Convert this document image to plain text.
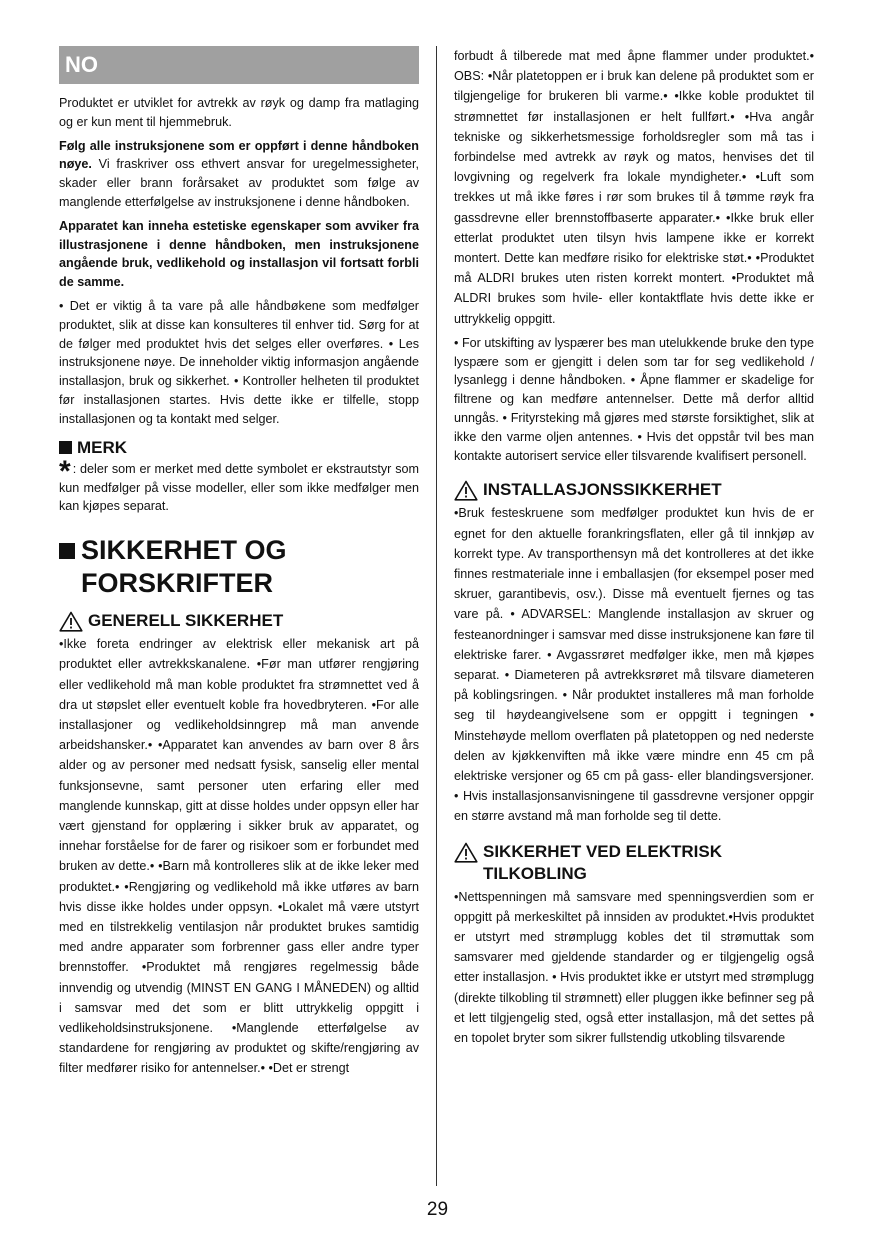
NO

Produktet er utviklet for avtrekk av røyk og damp fra matlaging og er kun ment til hjemmebruk.

Følg alle instruksjonene som er oppført i denne håndboken nøye. Vi fraskriver oss ethvert ansvar for uregelmessigheter, skader eller brann forårsaket av produktet som følge av manglende etterfølgelse av instruksjonene i denne håndboken.

Apparatet kan inneha estetiske egenskaper som avviker fra illustrasjonene i denne håndboken, men instruksjonene angående bruk, vedlikehold og installasjon vil fortsatt forbli de samme.

• Det er viktig å ta vare på alle håndbøkene som medfølger produktet, slik at disse kan konsulteres til enhver tid. Sørg for at de følger med produktet hvis det selges eller overføres. • Les instruksjonene nøye. De inneholder viktig informasjon angående installasjon, bruk og sikkerhet. • Kontroller helheten til produktet før installasjonen startes. Hvis dette ikke er tilfelle, stopp installasjonen og ta kontakt med selger.

MERK

* : deler som er merket med dette symbolet er ekstrautstyr som kun medfølger på visse modeller, eller som ikke medfølger men kan kjøpes separat.

SIKKERHET OG FORSKRIFTER
GENERELL SIKKERHET

•Ikke foreta endringer av elektrisk eller mekanisk art på produktet eller avtrekkskanalene. •Før man utfører rengjøring eller vedlikehold må man koble produktet fra strømnettet ved å dra ut støpslet eller eventuelt koble fra hovedbryteren. •For alle installasjoner og vedlikeholdsinngrep må man anvende arbeidshansker.• •Apparatet kan anvendes av barn over 8 års alder og av personer med nedsatt fysisk, sanselig eller mental funksjonsevne, samt personer uten erfaring eller med manglende kunnskap, gitt at disse holdes under oppsyn eller har vært gjenstand for opplæring i sikker bruk av apparatet, og innehar forståelse for de farer og risikoer som er forbundet med bruken av dette.• •Barn må kontrolleres slik at de ikke leker med produktet.• •Rengjøring og vedlikehold må ikke utføres av barn hvis disse ikke holdes under oppsyn. •Lokalet må være utstyrt med en tilstrekkelig ventilasjon når produktet brukes samtidig med andre apparater som forbrenner gass eller andre typer brennstoffer. •Produktet må rengjøres regelmessig både innvendig og utvendig (MINST EN GANG I MÅNEDEN) og alltid i samsvar med det som er blitt uttrykkelig oppgitt i vedlikeholdsinstruksjonene. •Manglende etterfølgelse av standardene for rengjøring av produktet og skifte/rengjøring av filter medfører risiko for antennelser.• •Det er strengt

forbudt å tilberede mat med åpne flammer under produktet.• OBS: •Når platetoppen er i bruk kan delene på produktet som er tilgjengelige for brukeren bli varme.• •Ikke koble produktet til strømnettet før installasjonen er helt fullført.• •Hva angår tekniske og sikkerhetsmessige forholdsregler som må tas i forbindelse med avtrekk av røyk og matos, henvises det til lovgivning og regelverk fra lokale myndigheter.• •Luft som trekkes ut må ikke føres i rør som brukes til å tømme røyk fra gassdrevne eller brennstoffbaserte apparater.• •Ikke bruk eller etterlat produktet uten tilsyn hvis lampene ikke er korrekt montert. Dette kan medføre risiko for elektriske støt.• •Produktet må ALDRI brukes uten risten korrekt montert. •Produktet må ALDRI brukes som hvile- eller kontaktflate hvis dette ikke er uttrykkelig oppgitt.

• For utskifting av lyspærer bes man utelukkende bruke den type lyspære som er gjengitt i delen som tar for seg vedlikehold / lysanlegg i denne håndboken. • Åpne flammer er skadelige for filtrene og kan medføre antennelser. Dette må derfor alltid unngås. • Frityrsteking må gjøres med største forsiktighet, slik at ikke den varme oljen antennes. • Hvis det oppstår tvil bes man kontakte autorisert service eller tilsvarende kvalifisert personell.

INSTALLASJONSSIKKERHET

•Bruk festeskruene som medfølger produktet kun hvis de er egnet for den aktuelle forankringsflaten, eller gå til innkjøp av korrekt type. Av transporthensyn må det kontrolleres at det ikke finnes restmateriale inne i emballasjen (for eksempel poser med skruer, garantibevis, osv.). Disse må eventuelt fjernes og tas vare på. • ADVARSEL: Manglende installasjon av skruer og festeanordninger i samsvar med disse instruksjonene kan føre til elektriske farer. • Avgassrøret medfølger ikke, men må kjøpes separat. • Diameteren på avtrekksrøret må tilsvare diameteren på koblingsringen. • Når produktet installeres må man forholde seg til høydeangivelsene som er oppgitt i tegningen • Minstehøyde mellom overflaten på platetoppen og ned nederste delen av kjøkkenviften må ikke være mindre enn 45 cm på elektriske versjoner og 65 cm på gass- eller blandingsversjoner. • Hvis installasjonsanvisningene til gassdrevne versjoner oppgir en større avstand må man forholde seg til dette.

SIKKERHET VED ELEKTRISK TILKOBLING

•Nettspenningen må samsvare med spenningsverdien som er oppgitt på merkeskiltet på innsiden av produktet.•Hvis produktet er utstyrt med strømplugg kobles det til strømuttak som samsvarer med gjeldende standarder og er tilgjengelig også etter installasjon. • Hvis produktet ikke er utstyrt med strømplugg (direkte tilkobling til strømnett) eller pluggen ikke befinner seg på et lett tilgjengelig sted, også etter installasjon, må det settes på en topolet bryter som sikrer fullstendig utkobling tilsvarende

29
